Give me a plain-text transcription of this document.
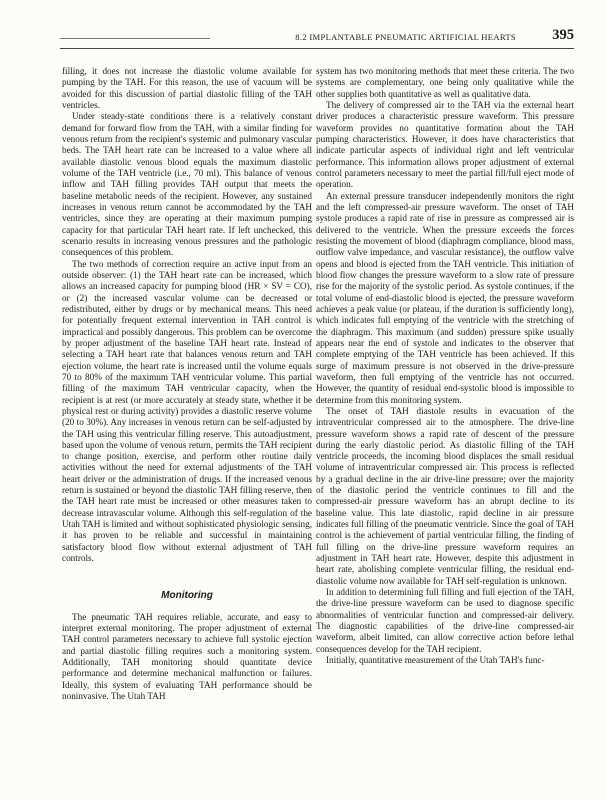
8.2 IMPLANTABLE PNEUMATIC ARTIFICIAL HEARTS	395

filling, it does not increase the diastolic volume available for pumping by the TAH. For this reason, the use of vacuum will be avoided for this discussion of partial diastolic filling of the TAH ventricles.

Under steady-state conditions there is a relatively constant demand for forward flow from the TAH, with a similar finding for venous return from the recipient's systemic and pulmonary vascular beds. The TAH heart rate can be increased to a value where all available diastolic venous blood equals the maximum diastolic volume of the TAH ventricle (i.e., 70 ml). This balance of venous inflow and TAH filling provides TAH output that meets the baseline metabolic needs of the recipient. However, any sustained increases in venous return cannot be accommodated by the TAH ventricles, since they are operating at their maximum pumping capacity for that particular TAH heart rate. If left unchecked, this scenario results in increasing venous pressures and the pathologic consequences of this problem.

The two methods of correction require an active input from an outside observer: (1) the TAH heart rate can be increased, which allows an increased capacity for pumping blood (HR × SV = CO), or (2) the increased vascular volume can be decreased or redistributed, either by drugs or by mechanical means. This need for potentially frequent external intervention in TAH control is impractical and possibly dangerous. This problem can be overcome by proper adjustment of the baseline TAH heart rate. Instead of selecting a TAH heart rate that balances venous return and TAH ejection volume, the heart rate is increased until the volume equals 70 to 80% of the maximum TAH ventricular volume. This partial filling of the maximum TAH ventricular capacity, when the recipient is at rest (or more accurately at steady state, whether it be physical rest or during activity) provides a diastolic reserve volume (20 to 30%). Any increases in venous return can be self-adjusted by the TAH using this ventricular filling reserve. This autoadjustment, based upon the volume of venous return, permits the TAH recipient to change position, exercise, and perform other routine daily activities without the need for external adjustments of the TAH heart driver or the administration of drugs. If the increased venous return is sustained or beyond the diastolic TAH filling reserve, then the TAH heart rate must be increased or other measures taken to decrease intravascular volume. Although this self-regulation of the Utah TAH is limited and without sophisticated physiologic sensing, it has proven to be reliable and successful in maintaining satisfactory blood flow without external adjustment of TAH controls.

Monitoring

The pneumatic TAH requires reliable, accurate, and easy to interpret external monitoring. The proper adjustment of external TAH control parameters necessary to achieve full systolic ejection and partial diastolic filling requires such a monitoring system. Additionally, TAH monitoring should quantitate device performance and determine mechanical malfunction or failures. Ideally, this system of evaluating TAH performance should be noninvasive. The Utah TAH

system has two monitoring methods that meet these criteria. The two systems are complementary, one being only qualitative while the other supplies both quantitative as well as qualitative data.

The delivery of compressed air to the TAH via the external heart driver produces a characteristic pressure waveform. This pressure waveform provides no quantitative formation about the TAH pumping characteristics. However, it does have characteristics that indicate particular aspects of individual right and left ventricular performance. This information allows proper adjustment of external control parameters necessary to meet the partial fill/full eject mode of operation.

An external pressure transducer independently monitors the right and the left compressed-air pressure waveform. The onset of TAH systole produces a rapid rate of rise in pressure as compressed air is delivered to the ventricle. When the pressure exceeds the forces resisting the movement of blood (diaphragm compliance, blood mass, outflow valve impedance, and vascular resistance), the outflow valve opens and blood is ejected from the TAH ventricle. This initiation of blood flow changes the pressure waveform to a slow rate of pressure rise for the majority of the systolic period. As systole continues, if the total volume of end-diastolic blood is ejected, the pressure waveform achieves a peak value (or plateau, if the duration is sufficiently long), which indicates full emptying of the ventricle with the stretching of the diaphragm. This maximum (and sudden) pressure spike usually appears near the end of systole and indicates to the observer that complete emptying of the TAH ventricle has been achieved. If this surge of maximum pressure is not observed in the drive-pressure waveform, then full emptying of the ventricle has not occurred. However, the quantity of residual end-systolic blood is impossible to determine from this monitoring system.

The onset of TAH diastole results in evacuation of the intraventricular compressed air to the atmosphere. The drive-line pressure waveform shows a rapid rate of descent of the pressure during the early diastolic period. As diastolic filling of the TAH ventricle proceeds, the incoming blood displaces the small residual volume of intraventricular compressed air. This process is reflected by a gradual decline in the air drive-line pressure; over the majority of the diastolic period the ventricle continues to fill and the compressed-air pressure waveform has an abrupt decline to its baseline value. This late diastolic, rapid decline in air pressure indicates full filling of the pneumatic ventricle. Since the goal of TAH control is the achievement of partial ventricular filling, the finding of full filling on the drive-line pressure waveform requires an adjustment in TAH heart rate. However, despite this adjustment in heart rate, abolishing complete ventricular filling, the residual end-diastolic volume now available for TAH self-regulation is unknown.

In addition to determining full filling and full ejection of the TAH, the drive-line pressure waveform can be used to diagnose specific abnormalities of ventricular function and compressed-air delivery. The diagnostic capabilities of the drive-line compressed-air waveform, albeit limited, can allow corrective action before lethal consequences develop for the TAH recipient.

Initially, quantitative measurement of the Utah TAH's func-
